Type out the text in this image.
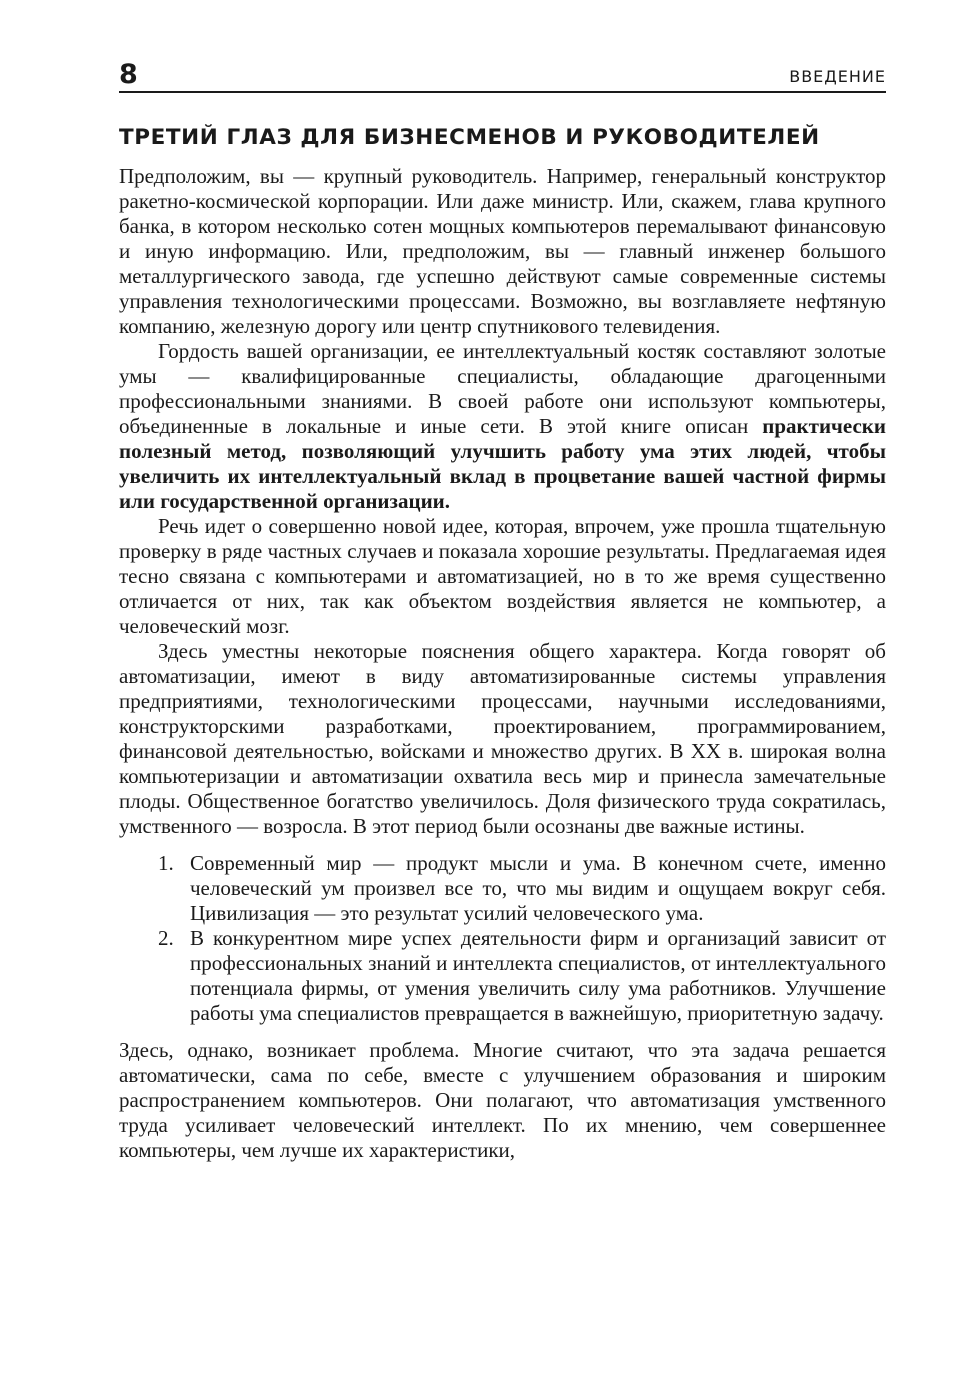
8	ВВЕДЕНИЕ
ТРЕТИЙ ГЛАЗ ДЛЯ БИЗНЕСМЕНОВ И РУКОВОДИТЕЛЕЙ

Предположим, вы — крупный руководитель. Например, генеральный конструктор ракетно-космической корпорации. Или даже министр. Или, скажем, глава крупного банка, в котором несколько сотен мощных компьютеров перемалывают финансовую и иную информацию. Или, предположим, вы — главный инженер большого металлургического завода, где успешно действуют самые современные системы управления технологическими процессами. Возможно, вы возглавляете нефтяную компанию, железную дорогу или центр спутникового телевидения.

Гордость вашей организации, ее интеллектуальный костяк составляют золотые умы — квалифицированные специалисты, обладающие драгоценными профессиональными знаниями. В своей работе они используют компьютеры, объединенные в локальные и иные сети. В этой книге описан практически полезный метод, позволяющий улучшить работу ума этих людей, чтобы увеличить их интеллектуальный вклад в процветание вашей частной фирмы или государственной организации.

Речь идет о совершенно новой идее, которая, впрочем, уже прошла тщательную проверку в ряде частных случаев и показала хорошие результаты. Предлагаемая идея тесно связана с компьютерами и автоматизацией, но в то же время существенно отличается от них, так как объектом воздействия является не компьютер, а человеческий мозг.

Здесь уместны некоторые пояснения общего характера. Когда говорят об автоматизации, имеют в виду автоматизированные системы управления предприятиями, технологическими процессами, научными исследованиями, конструкторскими разработками, проектированием, программированием, финансовой деятельностью, войсками и множество других. В XX в. широкая волна компьютеризации и автоматизации охватила весь мир и принесла замечательные плоды. Общественное богатство увеличилось. Доля физического труда сократилась, умственного — возросла. В этот период были осознаны две важные истины.

1. Современный мир — продукт мысли и ума. В конечном счете, именно человеческий ум произвел все то, что мы видим и ощущаем вокруг себя. Цивилизация — это результат усилий человеческого ума.
2. В конкурентном мире успех деятельности фирм и организаций зависит от профессиональных знаний и интеллекта специалистов, от интеллектуального потенциала фирмы, от умения увеличить силу ума работников. Улучшение работы ума специалистов превращается в важнейшую, приоритетную задачу.

Здесь, однако, возникает проблема. Многие считают, что эта задача решается автоматически, сама по себе, вместе с улучшением образования и широким распространением компьютеров. Они полагают, что автоматизация умственного труда усиливает человеческий интеллект. По их мнению, чем совершеннее компьютеры, чем лучше их характеристики,
